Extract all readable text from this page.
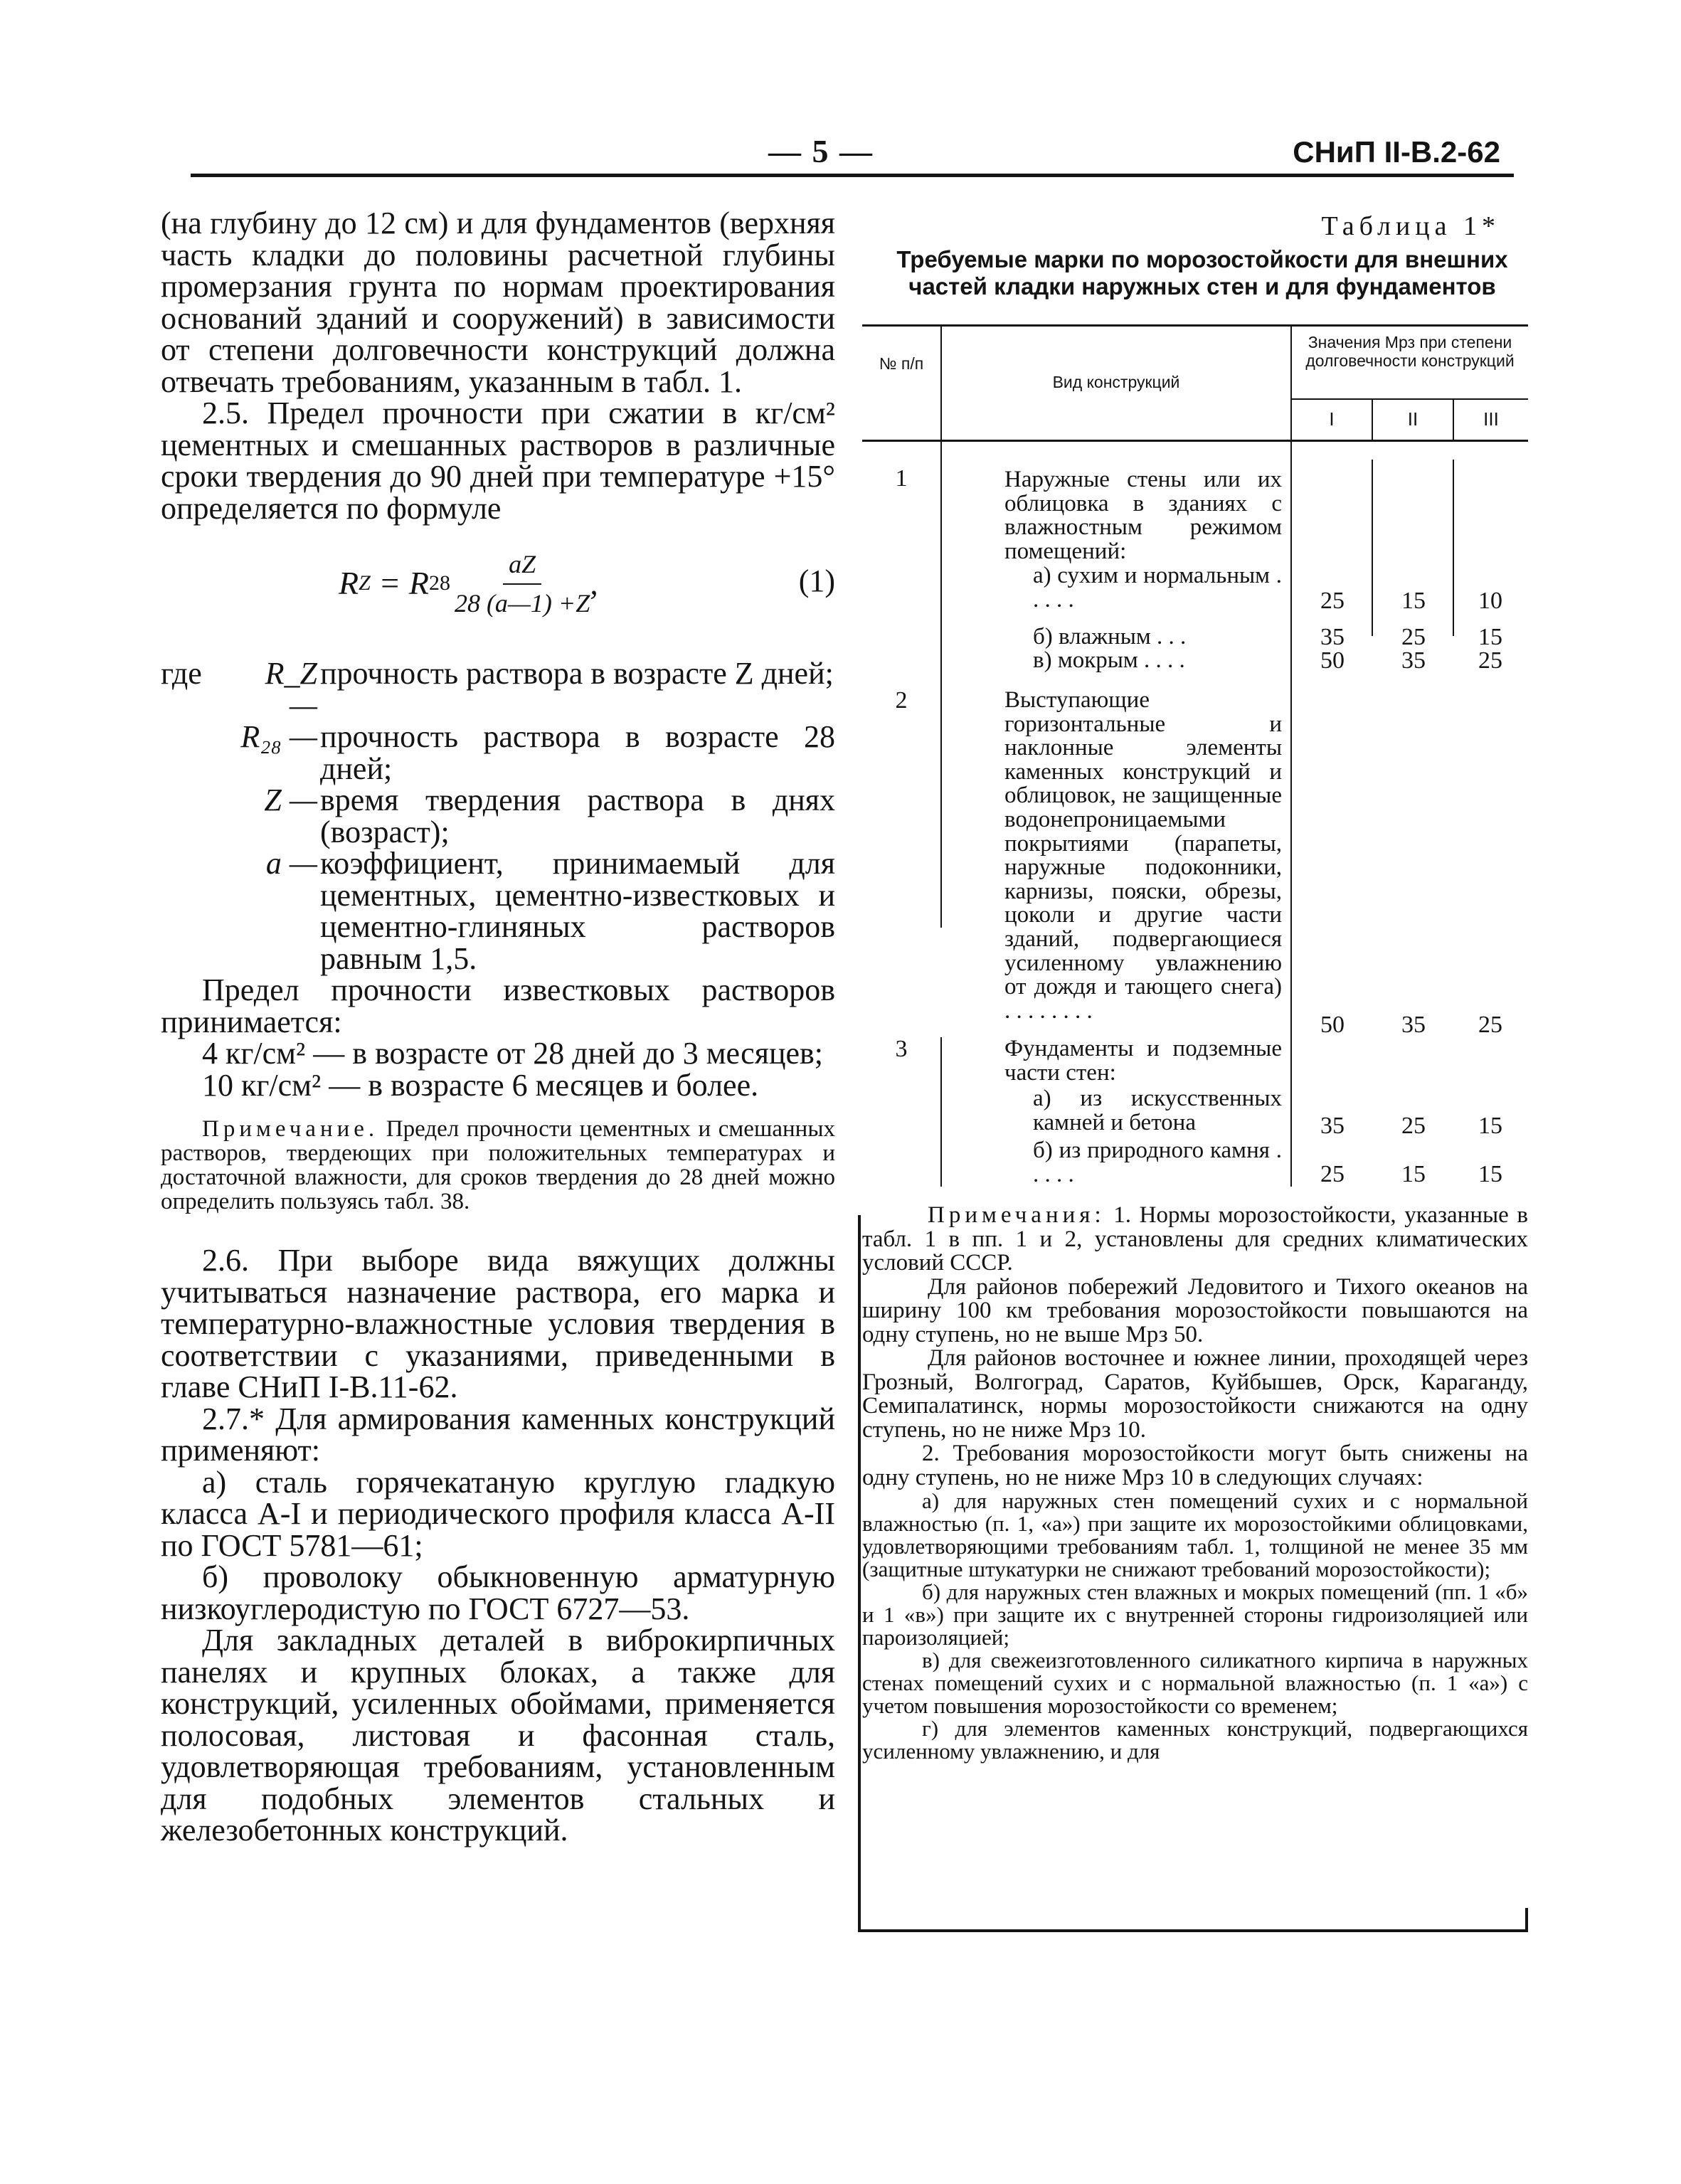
— 5 —	СНиП II-В.2-62

(на глубину до 12 см) и для фундаментов (верхняя часть кладки до половины расчетной глубины промерзания грунта по нормам проектирования оснований зданий и сооружений) в зависимости от степени долговечности конструкций должна отвечать требованиям, указанным в табл. 1.

2.5. Предел прочности при сжатии в кг/см² цементных и смешанных растворов в различные сроки твердения до 90 дней при температуре +15° определяется по формуле

R Z = R $28 \frac{aZ}{28 (a—1) +Z}$ ,	(1)
где	R_Z —
прочность раствора в возрасте Z дней;
R₂₈ — прочность раствора в возрасте 28 дней;
Z — время твердения раствора в днях (возраст);
a — коэффициент, принимаемый для цементных, цементно-известковых и цементно-глиняных растворов равным 1,5.

Предел прочности известковых растворов принимается:

4 кг/см² — в возрасте от 28 дней до 3 месяцев;

10 кг/см² — в возрасте 6 месяцев и более.

Примечание. Предел прочности цементных и смешанных растворов, твердеющих при положительных температурах и достаточной влажности, для сроков твердения до 28 дней можно определить пользуясь табл. 38.

2.6. При выборе вида вяжущих должны учитываться назначение раствора, его марка и температурно-влажностные условия твердения в соответствии с указаниями, приведенными в главе СНиП I-В.11-62.

2.7.* Для армирования каменных конструкций применяют:

а) сталь горячекатаную круглую гладкую класса А-I и периодического профиля класса А-II по ГОСТ 5781—61;

б) проволоку обыкновенную арматурную низкоуглеродистую по ГОСТ 6727—53.

Для закладных деталей в виброкирпичных панелях и крупных блоках, а также для конструкций, усиленных обоймами, применяется полосовая, листовая и фасонная сталь, удовлетворяющая требованиям, установленным для подобных элементов стальных и железобетонных конструкций.

Таблица 1*
Требуемые марки по морозостойкости для внешних частей кладки наружных стен и для фундаментов
№ п/п
Вид конструкций
Значения Мрз при степени долговечности конструкций
I	II	III
1	Наружные стены или их облицовка в зданиях с влажностным режимом помещений:
а) сухим и нормальным . . . . .	25	15	10
б) влажным . . .	35	25	15
в) мокрым . . . .	50	35	25
2	Выступающие горизонтальные и наклонные элементы каменных конструкций и облицовок, не защищенные водонепроницаемыми покрытиями (парапеты, наружные подоконники, карнизы, пояски, обрезы, цоколи и другие части зданий, подвергающиеся усиленному увлажнению от дождя и тающего снега) . . . . . . . .
50	35	25
3	Фундаменты и подземные части стен:
а) из искусственных камней и бетона	35	25	15
б) из природного камня . . . . .	25	15	15

Примечания: 1. Нормы морозостойкости, указанные в табл. 1 в пп. 1 и 2, установлены для средних климатических условий СССР.

Для районов побережий Ледовитого и Тихого океанов на ширину 100 км требования морозостойкости повышаются на одну ступень, но не выше Мрз 50.

Для районов восточнее и южнее линии, проходящей через Грозный, Волгоград, Саратов, Куйбышев, Орск, Караганду, Семипалатинск, нормы морозостойкости снижаются на одну ступень, но не ниже Мрз 10.

2. Требования морозостойкости могут быть снижены на одну ступень, но не ниже Мрз 10 в следующих случаях:

а) для наружных стен помещений сухих и с нормальной влажностью (п. 1, «а») при защите их морозостойкими облицовками, удовлетворяющими требованиям табл. 1, толщиной не менее 35 мм (защитные штукатурки не снижают требований морозостойкости);

б) для наружных стен влажных и мокрых помещений (пп. 1 «б» и 1 «в») при защите их с внутренней стороны гидроизоляцией или пароизоляцией;

в) для свежеизготовленного силикатного кирпича в наружных стенах помещений сухих и с нормальной влажностью (п. 1 «а») с учетом повышения морозостойкости со временем;

г) для элементов каменных конструкций, подвергающихся усиленному увлажнению, и для
